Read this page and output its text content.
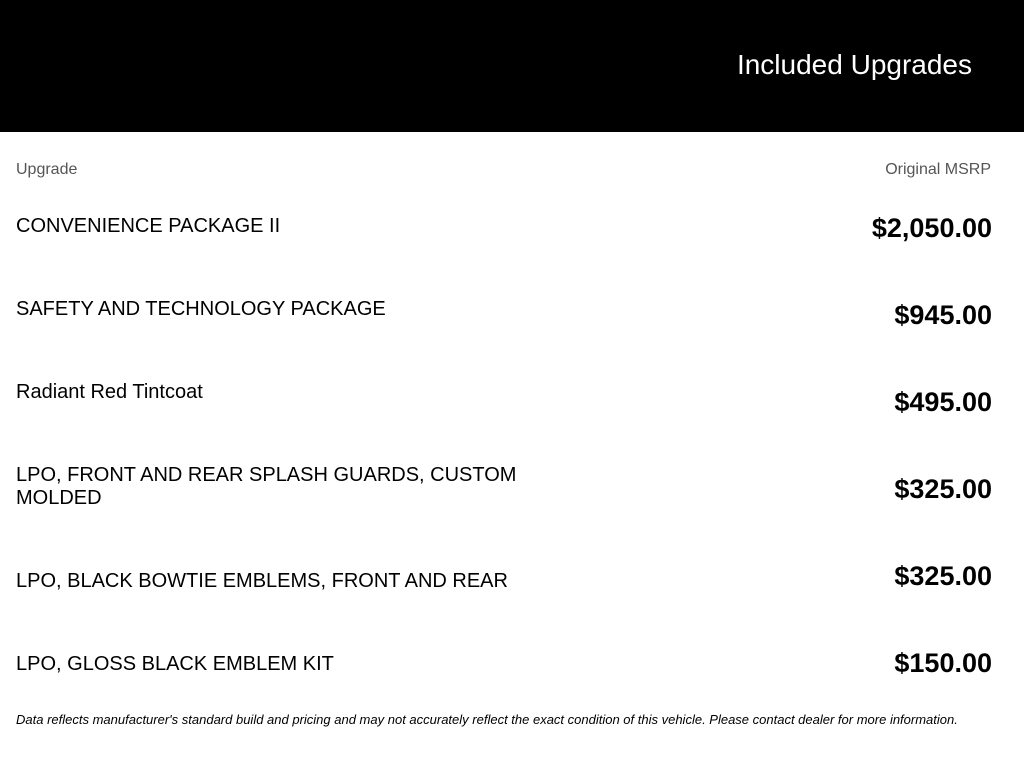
Included Upgrades
Upgrade	Original MSRP
CONVENIENCE PACKAGE II	$2,050.00
SAFETY AND TECHNOLOGY PACKAGE	$945.00
Radiant Red Tintcoat	$495.00
LPO, FRONT AND REAR SPLASH GUARDS, CUSTOM MOLDED	$325.00
LPO, BLACK BOWTIE EMBLEMS, FRONT AND REAR	$325.00
LPO, GLOSS BLACK EMBLEM KIT	$150.00
Data reflects manufacturer's standard build and pricing and may not accurately reflect the exact condition of this vehicle. Please contact dealer for more information.
